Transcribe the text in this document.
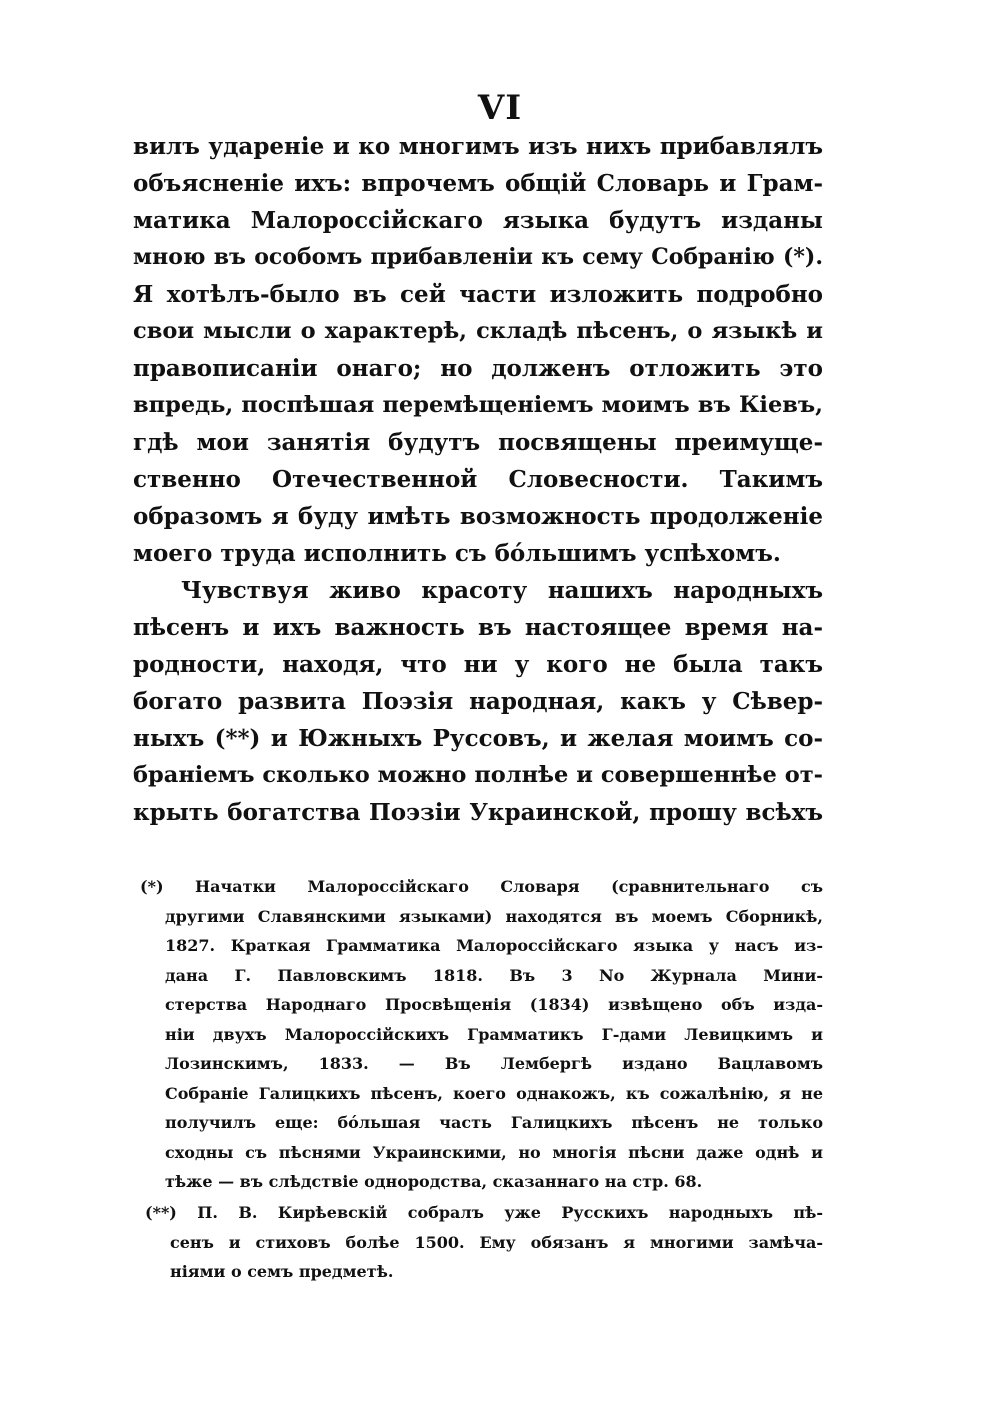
VI
вилъ удареніе и ко многимъ изъ нихъ прибавлялъ
объясненіе ихъ: впрочемъ общій Словарь и Грам-
матика Малороссійскаго языка будутъ изданы
мною въ особомъ прибавленіи къ сему Собранію (*).
Я хотѣлъ-было въ сей части изложить подробно
свои мысли о характерѣ, складѣ пѣсенъ, о языкѣ и
правописаніи онаго; но долженъ отложить это
впредь, поспѣшая перемѣщеніемъ моимъ въ Кіевъ,
гдѣ мои занятія будутъ посвящены преимуще-
ственно Отечественной Словесности. Такимъ
образомъ я буду имѣть возможность продолженіе
моего труда исполнить съ бо́льшимъ успѣхомъ.
Чувствуя живо красоту нашихъ народныхъ
пѣсенъ и ихъ важность въ настоящее время на-
родности, находя, что ни у кого не была такъ
богато развита Поэзія народная, какъ у Сѣвер-
ныхъ (**) и Южныхъ Руссовъ, и желая моимъ со-
браніемъ сколько можно полнѣе и совершеннѣе от-
крыть богатства Поэзіи Украинской, прошу всѣхъ
(*) Начатки Малороссійскаго Словаря (сравнительнаго съ
другими Славянскими языками) находятся въ моемъ Сборникѣ,
1827. Краткая Грамматика Малороссійскаго языка у насъ из-
дана Г. Павловскимъ 1818. Въ 3 No Журнала Мини-
стерства Народнаго Просвѣщенія (1834) извѣщено объ изда-
ніи двухъ Малороссійскихъ Грамматикъ Г-дами Левицкимъ и
Лозинскимъ, 1833. — Въ Лембергѣ издано Вацлавомъ
Собраніе Галицкихъ пѣсенъ, коего однакожъ, къ сожалѣнію, я не
получилъ еще: бо́льшая часть Галицкихъ пѣсенъ не только
сходны съ пѣснями Украинскими, но многія пѣсни даже однѣ и
тѣже — въ слѣдствіе однородства, сказаннаго на стр. 68.
(**) П. В. Кирѣевскій собралъ уже Русскихъ народныхъ пѣ-
сенъ и стиховъ болѣе 1500. Ему обязанъ я многими замѣча-
ніями о семъ предметѣ.
